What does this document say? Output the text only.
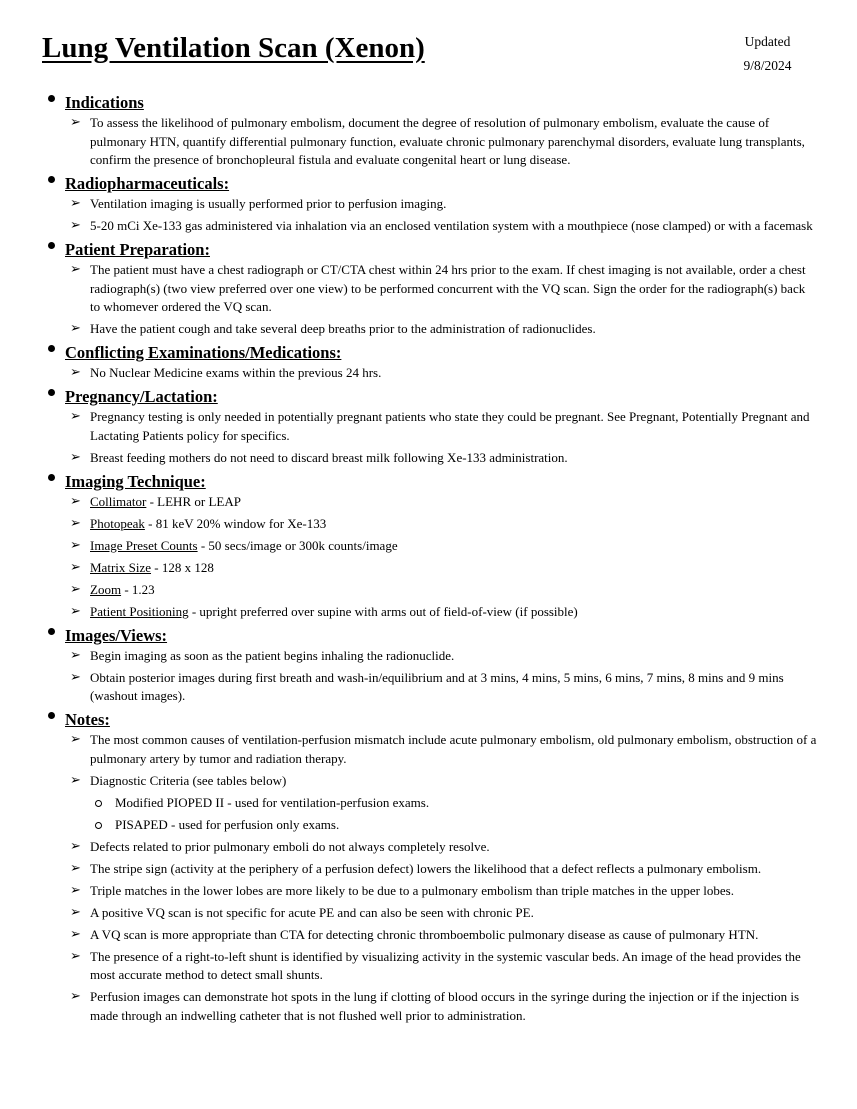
Lung Ventilation Scan (Xenon)	Updated
9/8/2024
Indications
➢ To assess the likelihood of pulmonary embolism, document the degree of resolution of pulmonary embolism, evaluate the cause of pulmonary HTN, quantify differential pulmonary function, evaluate chronic pulmonary parenchymal disorders, evaluate lung transplants, confirm the presence of bronchopleural fistula and evaluate congenital heart or lung disease.
Radiopharmaceuticals:
➢ Ventilation imaging is usually performed prior to perfusion imaging.
➢ 5-20 mCi Xe-133 gas administered via inhalation via an enclosed ventilation system with a mouthpiece (nose clamped) or with a facemask
Patient Preparation:
➢ The patient must have a chest radiograph or CT/CTA chest within 24 hrs prior to the exam. If chest imaging is not available, order a chest radiograph(s) (two view preferred over one view) to be performed concurrent with the VQ scan. Sign the order for the radiograph(s) back to whomever ordered the VQ scan.
➢ Have the patient cough and take several deep breaths prior to the administration of radionuclides.
Conflicting Examinations/Medications:
➢ No Nuclear Medicine exams within the previous 24 hrs.
Pregnancy/Lactation:
➢ Pregnancy testing is only needed in potentially pregnant patients who state they could be pregnant. See Pregnant, Potentially Pregnant and Lactating Patients policy for specifics.
➢ Breast feeding mothers do not need to discard breast milk following Xe-133 administration.
Imaging Technique:
➢ Collimator - LEHR or LEAP
➢ Photopeak - 81 keV 20% window for Xe-133
➢ Image Preset Counts - 50 secs/image or 300k counts/image
➢ Matrix Size - 128 x 128
➢ Zoom - 1.23
➢ Patient Positioning - upright preferred over supine with arms out of field-of-view (if possible)
Images/Views:
➢ Begin imaging as soon as the patient begins inhaling the radionuclide.
➢ Obtain posterior images during first breath and wash-in/equilibrium and at 3 mins, 4 mins, 5 mins, 6 mins, 7 mins, 8 mins and 9 mins (washout images).
Notes:
➢ The most common causes of ventilation-perfusion mismatch include acute pulmonary embolism, old pulmonary embolism, obstruction of a pulmonary artery by tumor and radiation therapy.
➢ Diagnostic Criteria (see tables below)
Modified PIOPED II - used for ventilation-perfusion exams.
PISAPED - used for perfusion only exams.
➢ Defects related to prior pulmonary emboli do not always completely resolve.
➢ The stripe sign (activity at the periphery of a perfusion defect) lowers the likelihood that a defect reflects a pulmonary embolism.
➢ Triple matches in the lower lobes are more likely to be due to a pulmonary embolism than triple matches in the upper lobes.
➢ A positive VQ scan is not specific for acute PE and can also be seen with chronic PE.
➢ A VQ scan is more appropriate than CTA for detecting chronic thromboembolic pulmonary disease as cause of pulmonary HTN.
➢ The presence of a right-to-left shunt is identified by visualizing activity in the systemic vascular beds. An image of the head provides the most accurate method to detect small shunts.
➢ Perfusion images can demonstrate hot spots in the lung if clotting of blood occurs in the syringe during the injection or if the injection is made through an indwelling catheter that is not flushed well prior to administration.
